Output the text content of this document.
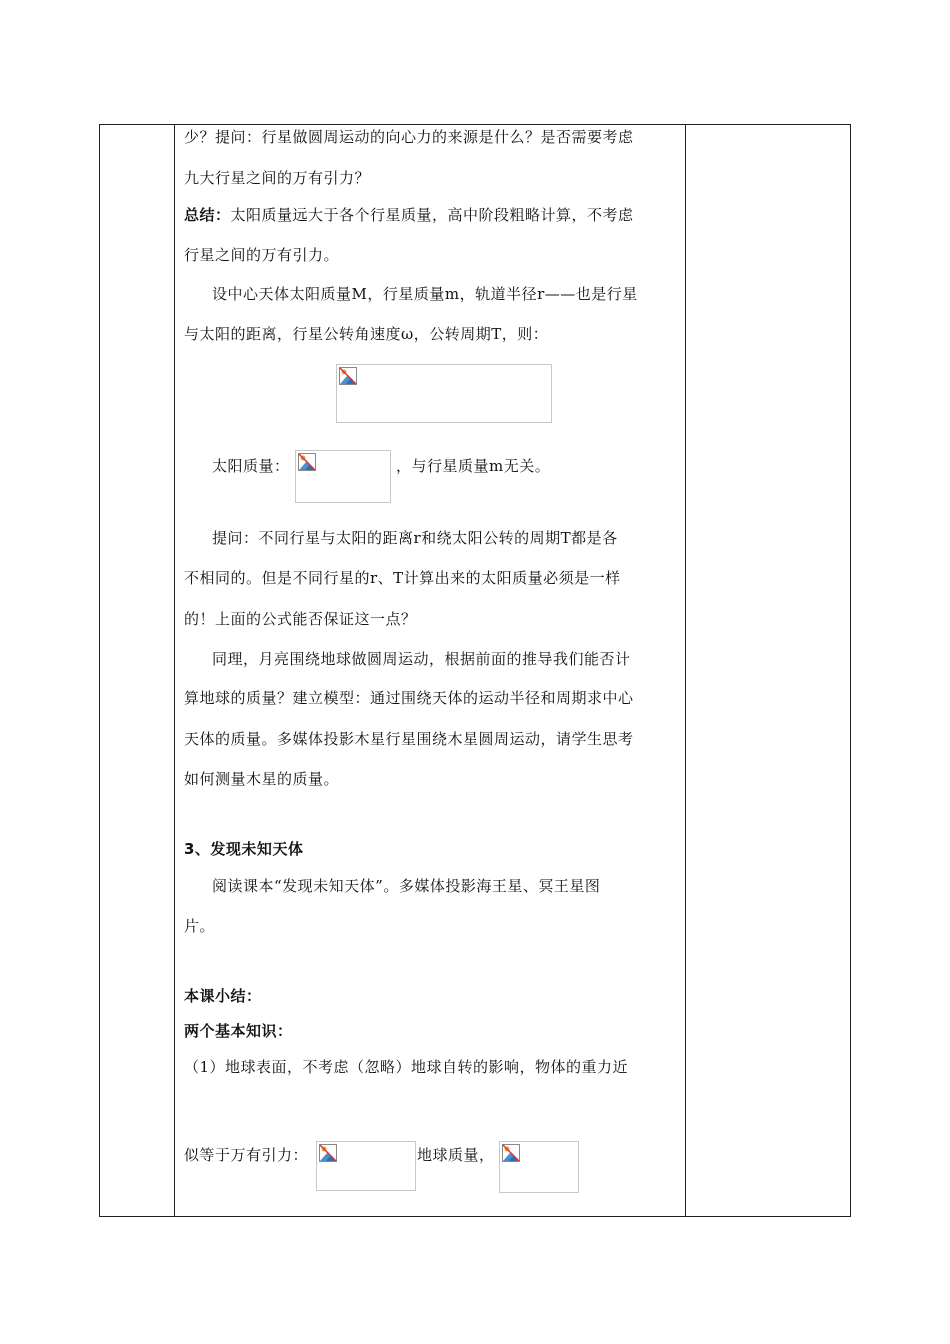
少？提问：行星做圆周运动的向心力的来源是什么？是否需要考虑
九大行星之间的万有引力？
总结：太阳质量远大于各个行星质量，高中阶段粗略计算，不考虑
行星之间的万有引力。
设中心天体太阳质量M，行星质量m，轨道半径r——也是行星
与太阳的距离，行星公转角速度ω，公转周期T，则：
太阳质量：	，与行星质量m无关。
提问：不同行星与太阳的距离r和绕太阳公转的周期T都是各
不相同的。但是不同行星的r、T计算出来的太阳质量必须是一样
的！上面的公式能否保证这一点？
同理，月亮围绕地球做圆周运动，根据前面的推导我们能否计
算地球的质量？建立模型：通过围绕天体的运动半径和周期求中心
天体的质量。多媒体投影木星行星围绕木星圆周运动，请学生思考
如何测量木星的质量。
3、发现未知天体
阅读课本“发现未知天体”。多媒体投影海王星、冥王星图
片。
本课小结：
两个基本知识：
（1）地球表面，不考虑（忽略）地球自转的影响，物体的重力近
似等于万有引力：	地球质量，
